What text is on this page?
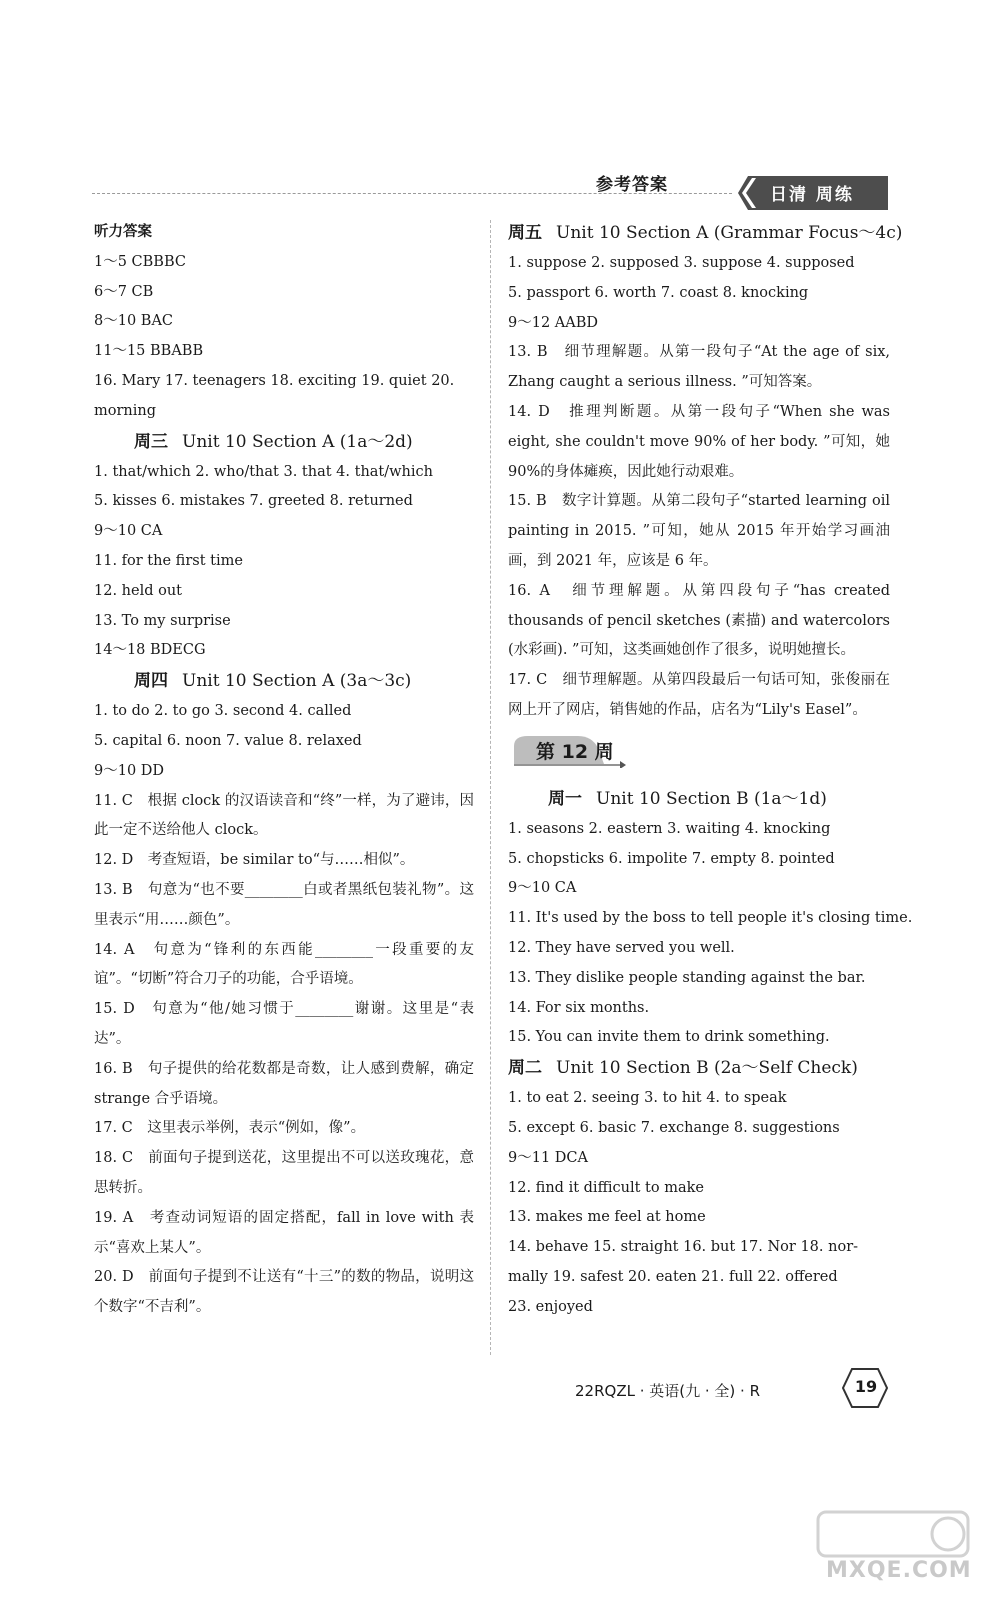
参考答案	日清 周练
听力答案
1～5 CBBBC
6～7 CB
8～10 BAC
11～15 BBABB
16. Mary 17. teenagers 18. exciting 19. quiet 20.
morning
周三 Unit 10 Section A (1a～2d)
1. that/which 2. who/that 3. that 4. that/which
5. kisses 6. mistakes 7. greeted 8. returned
9～10 CA
11. for the first time
12. held out
13. To my surprise
14～18 BDECG
周四 Unit 10 Section A (3a～3c)
1. to do 2. to go 3. second 4. called
5. capital 6. noon 7. value 8. relaxed
9～10 DD
11. C　根据 clock 的汉语读音和“终”一样，为了避讳，因此一定不送给他人 clock。
12. D　考查短语，be similar to“与……相似”。
13. B　句意为“也不要________白或者黑纸包装礼物”。这里表示“用……颜色”。
14. A　句意为“锋利的东西能________一段重要的友谊”。“切断”符合刀子的功能，合乎语境。
15. D　句意为“他/她习惯于________谢谢。这里是“表达”。
16. B　句子提供的给花数都是奇数，让人感到费解，确定 strange 合乎语境。
17. C　这里表示举例，表示“例如，像”。
18. C　前面句子提到送花，这里提出不可以送玫瑰花，意思转折。
19. A　考查动词短语的固定搭配，fall in love with 表示“喜欢上某人”。
20. D　前面句子提到不让送有“十三”的数的物品，说明这个数字“不吉利”。
周五 Unit 10 Section A (Grammar Focus～4c)
1. suppose 2. supposed 3. suppose 4. supposed
5. passport 6. worth 7. coast 8. knocking
9～12 AABD
13. B　细节理解题。从第一段句子“At the age of six, Zhang caught a serious illness. ”可知答案。
14. D　推理判断题。从第一段句子“When she was eight, she couldn't move 90% of her body. ”可知，她 90%的身体瘫痪，因此她行动艰难。
15. B　数字计算题。从第二段句子“started learning oil painting in 2015. ”可知，她从 2015 年开始学习画油画，到 2021 年，应该是 6 年。
16. A　细节理解题。从第四段句子“has created thousands of pencil sketches (素描) and watercolors (水彩画). ”可知，这类画她创作了很多，说明她擅长。
17. C　细节理解题。从第四段最后一句话可知，张俊丽在网上开了网店，销售她的作品，店名为“Lily's Easel”。
第 12 周
周一 Unit 10 Section B (1a～1d)
1. seasons 2. eastern 3. waiting 4. knocking
5. chopsticks 6. impolite 7. empty 8. pointed
9～10 CA
11. It's used by the boss to tell people it's closing time.
12. They have served you well.
13. They dislike people standing against the bar.
14. For six months.
15. You can invite them to drink something.
周二 Unit 10 Section B (2a～Self Check)
1. to eat 2. seeing 3. to hit 4. to speak
5. except 6. basic 7. exchange 8. suggestions
9～11 DCA
12. find it difficult to make
13. makes me feel at home
14. behave 15. straight 16. but 17. Nor 18. nor-
mally 19. safest 20. eaten 21. full 22. offered
23. enjoyed
22RQZL · 英语(九 · 全) · R	19
MXQE.COM
